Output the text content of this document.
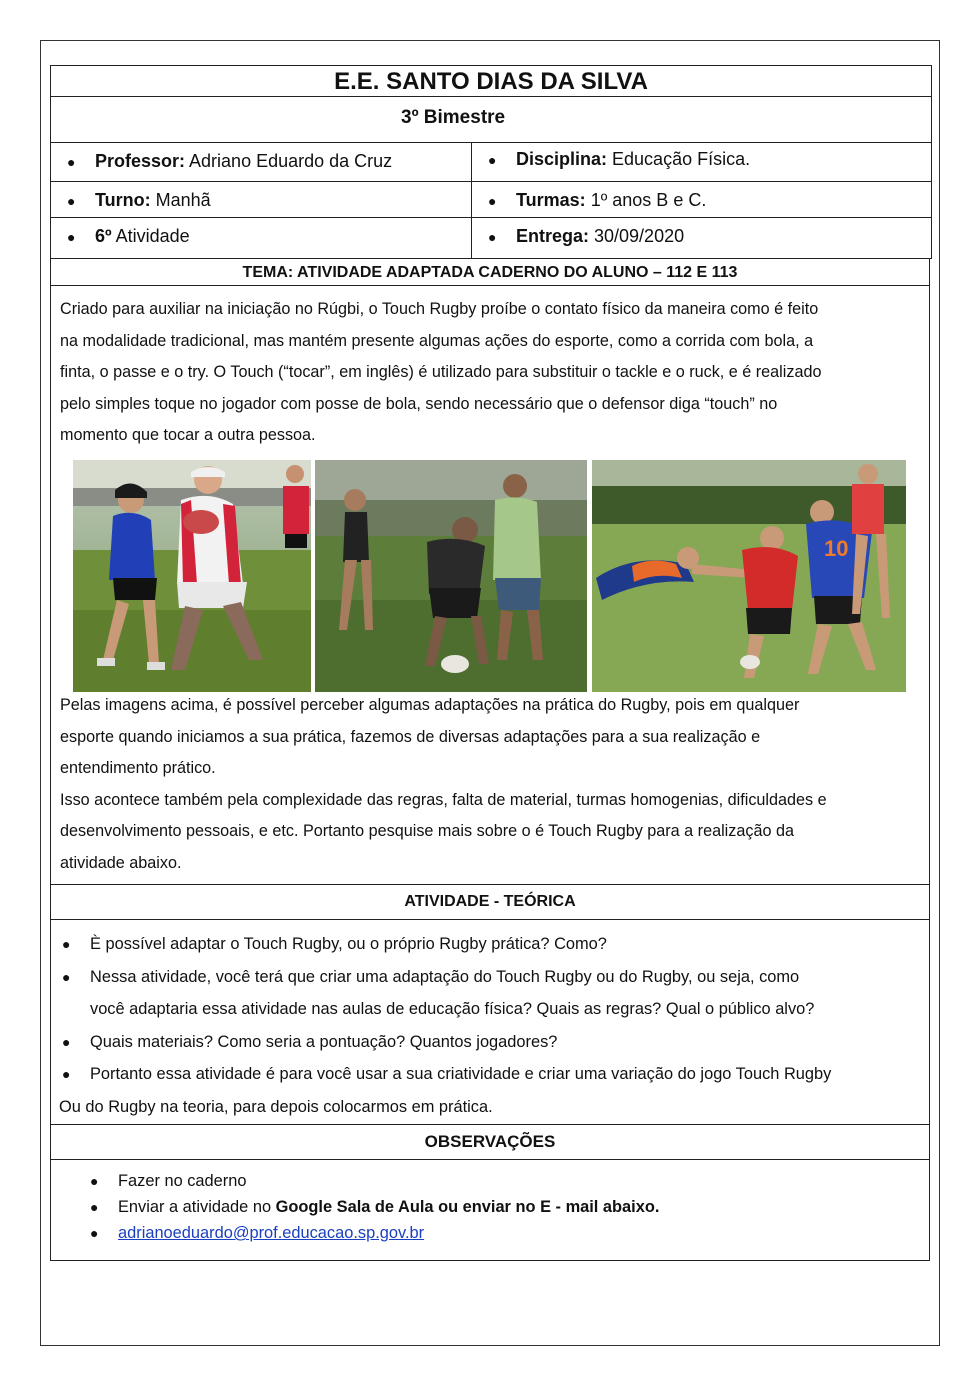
E.E. SANTO DIAS DA SILVA
3º Bimestre
● Professor: Adriano Eduardo da Cruz	● Disciplina: Educação Física.
● Turno: Manhã	● Turmas: 1º anos B e C.
● 6º Atividade	● Entrega: 30/09/2020
TEMA: ATIVIDADE ADAPTADA CADERNO DO ALUNO – 112 E 113
Criado para auxiliar na iniciação no Rúgbi, o Touch Rugby proíbe o contato físico da maneira como é feito
na modalidade tradicional, mas mantém presente algumas ações do esporte, como a corrida com bola, a
finta, o passe e o try. O Touch (“tocar”, em inglês) é utilizado para substituir o tackle e o ruck, e é realizado
pelo simples toque no jogador com posse de bola, sendo necessário que o defensor diga “touch” no
momento que tocar a outra pessoa.
10
Pelas imagens acima, é possível perceber algumas adaptações na prática do Rugby, pois em qualquer
esporte quando iniciamos a sua prática, fazemos de diversas adaptações para a sua realização e
entendimento prático.
Isso acontece também pela complexidade das regras, falta de material, turmas homogenias, dificuldades e
desenvolvimento pessoais, e etc. Portanto pesquise mais sobre o é Touch Rugby para a realização da
atividade abaixo.
ATIVIDADE - TEÓRICA
● È possível adaptar o Touch Rugby, ou o próprio Rugby prática? Como?
● Nessa atividade, você terá que criar uma adaptação do Touch Rugby ou do Rugby, ou seja, como
você adaptaria essa atividade nas aulas de educação física? Quais as regras? Qual o público alvo?
● Quais materiais? Como seria a pontuação? Quantos jogadores?
● Portanto essa atividade é para você usar a sua criatividade e criar uma variação do jogo Touch Rugby
Ou do Rugby na teoria, para depois colocarmos em prática.
OBSERVAÇÕES
● Fazer no caderno
● Enviar a atividade no Google Sala de Aula ou enviar no E - mail abaixo.
● adrianoeduardo@prof.educacao.sp.gov.br
